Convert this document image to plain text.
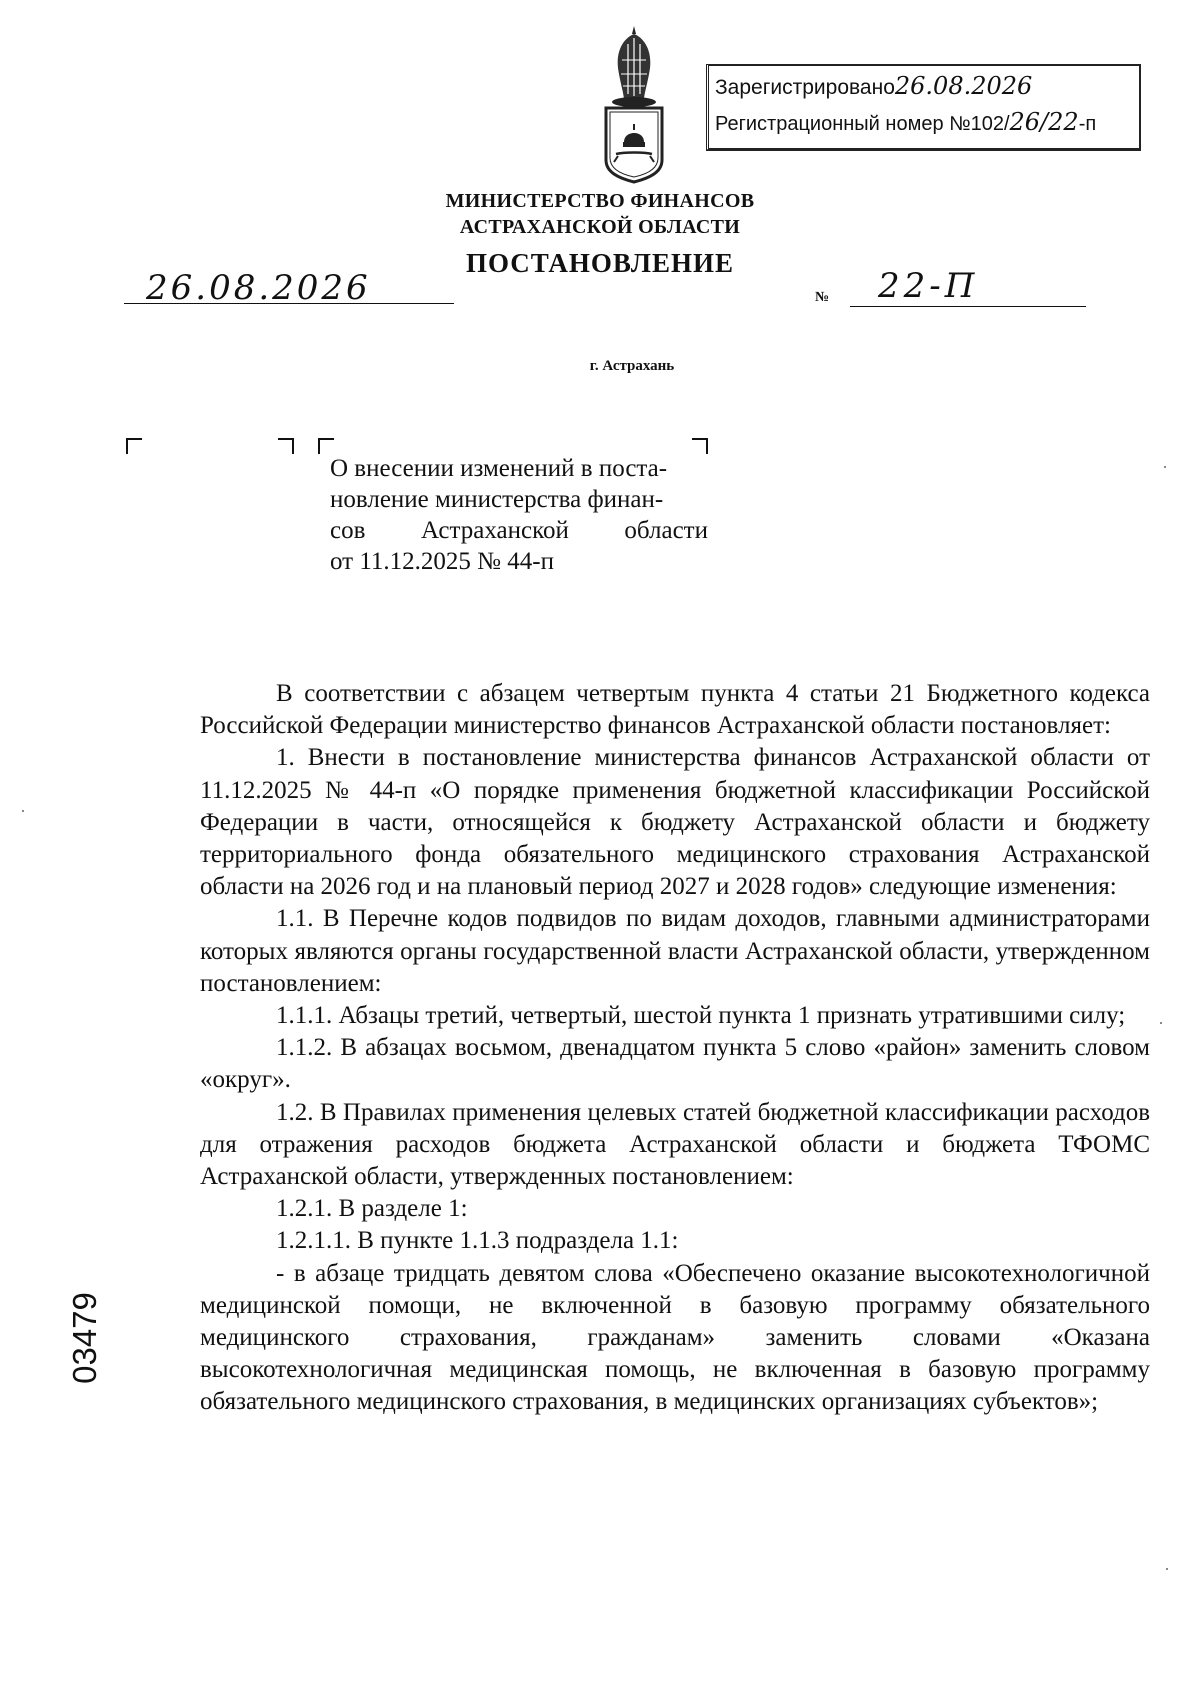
Зарегистрировано26.08.2026
Регистрационный номер №102/26/22-п
МИНИСТЕРСТВО ФИНАНСОВ
АСТРАХАНСКОЙ ОБЛАСТИ
ПОСТАНОВЛЕНИЕ
26.08.2026	№ 22-П
г. Астрахань
О внесении изменений в поста-
новление министерства финан-
сов Астраханской области
от 11.12.2025 № 44-п

В соответствии с абзацем четвертым пункта 4 статьи 21 Бюджетного кодекса Российской Федерации министерство финансов Астраханской области постановляет:

1. Внести в постановление министерства финансов Астраханской области от 11.12.2025 № 44-п «О порядке применения бюджетной классификации Российской Федерации в части, относящейся к бюджету Астраханской области и бюджету территориального фонда обязательного медицинского страхования Астраханской области на 2026 год и на плановый период 2027 и 2028 годов» следующие изменения:

1.1. В Перечне кодов подвидов по видам доходов, главными администраторами которых являются органы государственной власти Астраханской области, утвержденном постановлением:

1.1.1. Абзацы третий, четвертый, шестой пункта 1 признать утратившими силу;

1.1.2. В абзацах восьмом, двенадцатом пункта 5 слово «район» заменить словом «округ».

1.2. В Правилах применения целевых статей бюджетной классификации расходов для отражения расходов бюджета Астраханской области и бюджета ТФОМС Астраханской области, утвержденных постановлением:

1.2.1. В разделе 1:

1.2.1.1. В пункте 1.1.3 подраздела 1.1:

- в абзаце тридцать девятом слова «Обеспечено оказание высокотехнологичной медицинской помощи, не включенной в базовую программу обязательного медицинского страхования, гражданам» заменить словами «Оказана высокотехнологичная медицинская помощь, не включенная в базовую программу обязательного медицинского страхования, в медицинских организациях субъектов»;

03479
